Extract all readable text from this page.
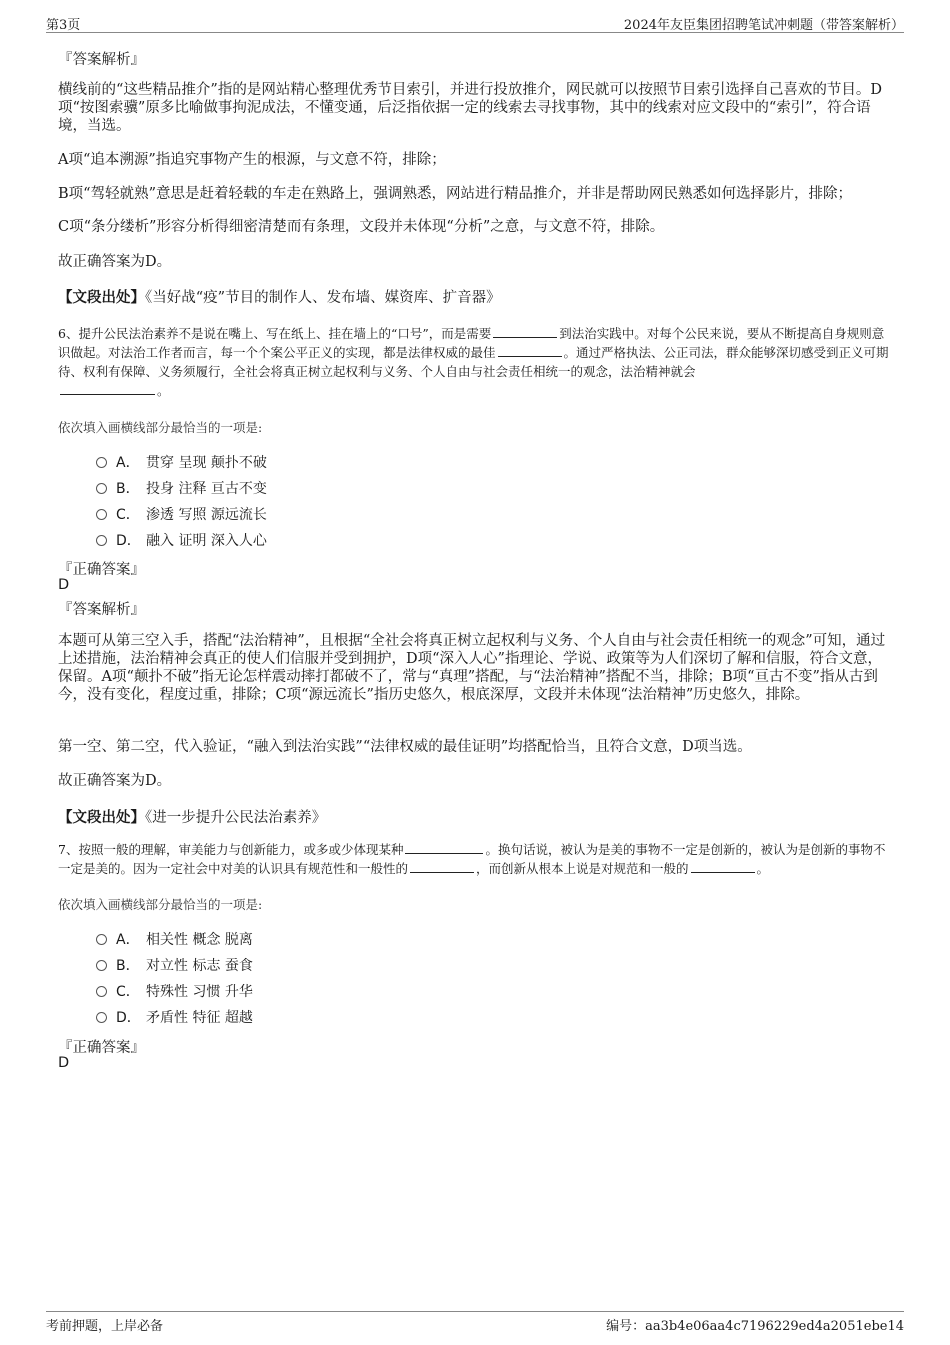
第3页	2024年友臣集团招聘笔试冲刺题（带答案解析）
『答案解析』
横线前的“这些精品推介”指的是网站精心整理优秀节目索引，并进行投放推介，网民就可以按照节目索引选择自己喜欢的节目。D项“按图索骥”原多比喻做事拘泥成法，不懂变通，后泛指依据一定的线索去寻找事物，其中的线索对应文段中的“索引”，符合语境，当选。
A项“追本溯源”指追究事物产生的根源，与文意不符，排除；
B项“驾轻就熟”意思是赶着轻载的车走在熟路上，强调熟悉，网站进行精品推介，并非是帮助网民熟悉如何选择影片，排除；
C项“条分缕析”形容分析得细密清楚而有条理，文段并未体现“分析”之意，与文意不符，排除。
故正确答案为D。
【文段出处】《当好战“疫”节目的制作人、发布墙、媒资库、扩音器》
6、提升公民法治素养不是说在嘴上、写在纸上、挂在墙上的“口号”，而是需要	到法治实践中。对每个公民来说，要从不断提高自身规则意识做起。对法治工作者而言，每一个个案公平正义的实现，都是法律权威的最佳	。通过严格执法、公正司法，群众能够深切感受到正义可期待、权利有保障、义务须履行，全社会将真正树立起权利与义务、个人自由与社会责任相统一的观念，法治精神就会
。
依次填入画横线部分最恰当的一项是:
A． 贯穿 呈现 颠扑不破
B． 投身 注释 亘古不变
C． 渗透 写照 源远流长
D． 融入 证明 深入人心
『正确答案』
D
『答案解析』
本题可从第三空入手，搭配“法治精神”，且根据“全社会将真正树立起权利与义务、个人自由与社会责任相统一的观念”可知，通过上述措施，法治精神会真正的使人们信服并受到拥护，D项“深入人心”指理论、学说、政策等为人们深切了解和信服，符合文意，保留。A项“颠扑不破”指无论怎样震动摔打都破不了，常与“真理”搭配，与“法治精神”搭配不当，排除；B项“亘古不变”指从古到今，没有变化，程度过重，排除；C项“源远流长”指历史悠久，根底深厚，文段并未体现“法治精神”历史悠久，排除。
第一空、第二空，代入验证，“融入到法治实践”“法律权威的最佳证明”均搭配恰当，且符合文意，D项当选。
故正确答案为D。
【文段出处】《进一步提升公民法治素养》
7、按照一般的理解，审美能力与创新能力，或多或少体现某种	。换句话说，被认为是美的事物不一定是创新的，被认为是创新的事物不一定是美的。因为一定社会中对美的认识具有规范性和一般性的	，而创新从根本上说是对规范和一般的	。
依次填入画横线部分最恰当的一项是:
A． 相关性 概念 脱离
B． 对立性 标志 蚕食
C． 特殊性 习惯 升华
D． 矛盾性 特征 超越
『正确答案』
D
考前押题，上岸必备	编号：aa3b4e06aa4c7196229ed4a2051ebe14
